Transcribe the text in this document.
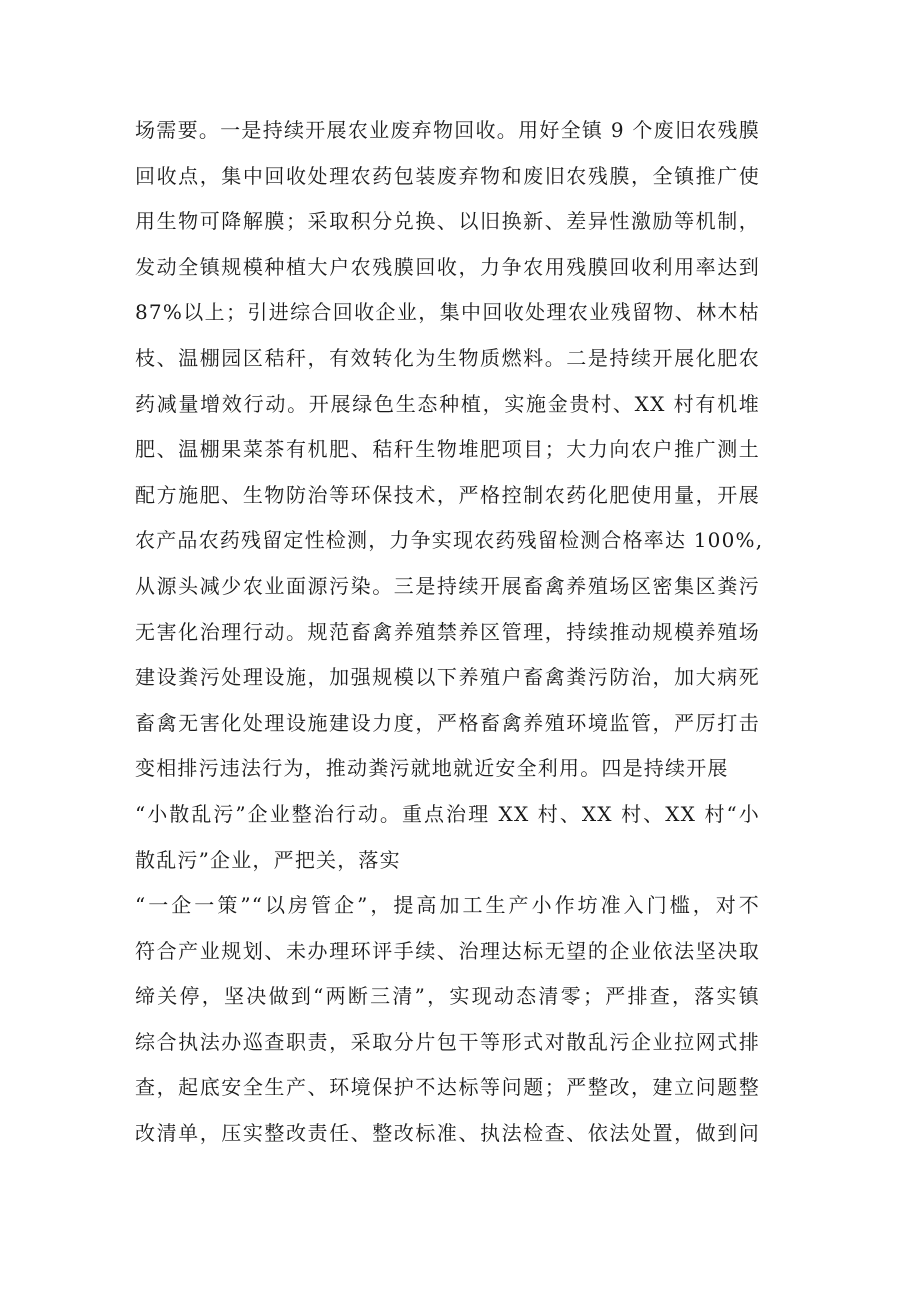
场需要。一是持续开展农业废弃物回收。用好全镇 9 个废旧农残膜
回收点，集中回收处理农药包装废弃物和废旧农残膜，全镇推广使
用生物可降解膜；采取积分兑换、以旧换新、差异性激励等机制，
发动全镇规模种植大户农残膜回收，力争农用残膜回收利用率达到
87%以上；引进综合回收企业，集中回收处理农业残留物、林木枯
枝、温棚园区秸秆，有效转化为生物质燃料。二是持续开展化肥农
药减量增效行动。开展绿色生态种植，实施金贵村、XX 村有机堆
肥、温棚果菜茶有机肥、秸秆生物堆肥项目；大力向农户推广测土
配方施肥、生物防治等环保技术，严格控制农药化肥使用量，开展
农产品农药残留定性检测，力争实现农药残留检测合格率达 100%,
从源头减少农业面源污染。三是持续开展畜禽养殖场区密集区粪污
无害化治理行动。规范畜禽养殖禁养区管理，持续推动规模养殖场
建设粪污处理设施，加强规模以下养殖户畜禽粪污防治，加大病死
畜禽无害化处理设施建设力度，严格畜禽养殖环境监管，严厉打击
变相排污违法行为，推动粪污就地就近安全利用。四是持续开展
“小散乱污”企业整治行动。重点治理 XX 村、XX 村、XX 村“小
散乱污”企业，严把关，落实
“一企一策”“以房管企”，提高加工生产小作坊准入门槛，对不
符合产业规划、未办理环评手续、治理达标无望的企业依法坚决取
缔关停，坚决做到“两断三清”，实现动态清零；严排查，落实镇
综合执法办巡查职责，采取分片包干等形式对散乱污企业拉网式排
查，起底安全生产、环境保护不达标等问题；严整改，建立问题整
改清单，压实整改责任、整改标准、执法检查、依法处置，做到问
